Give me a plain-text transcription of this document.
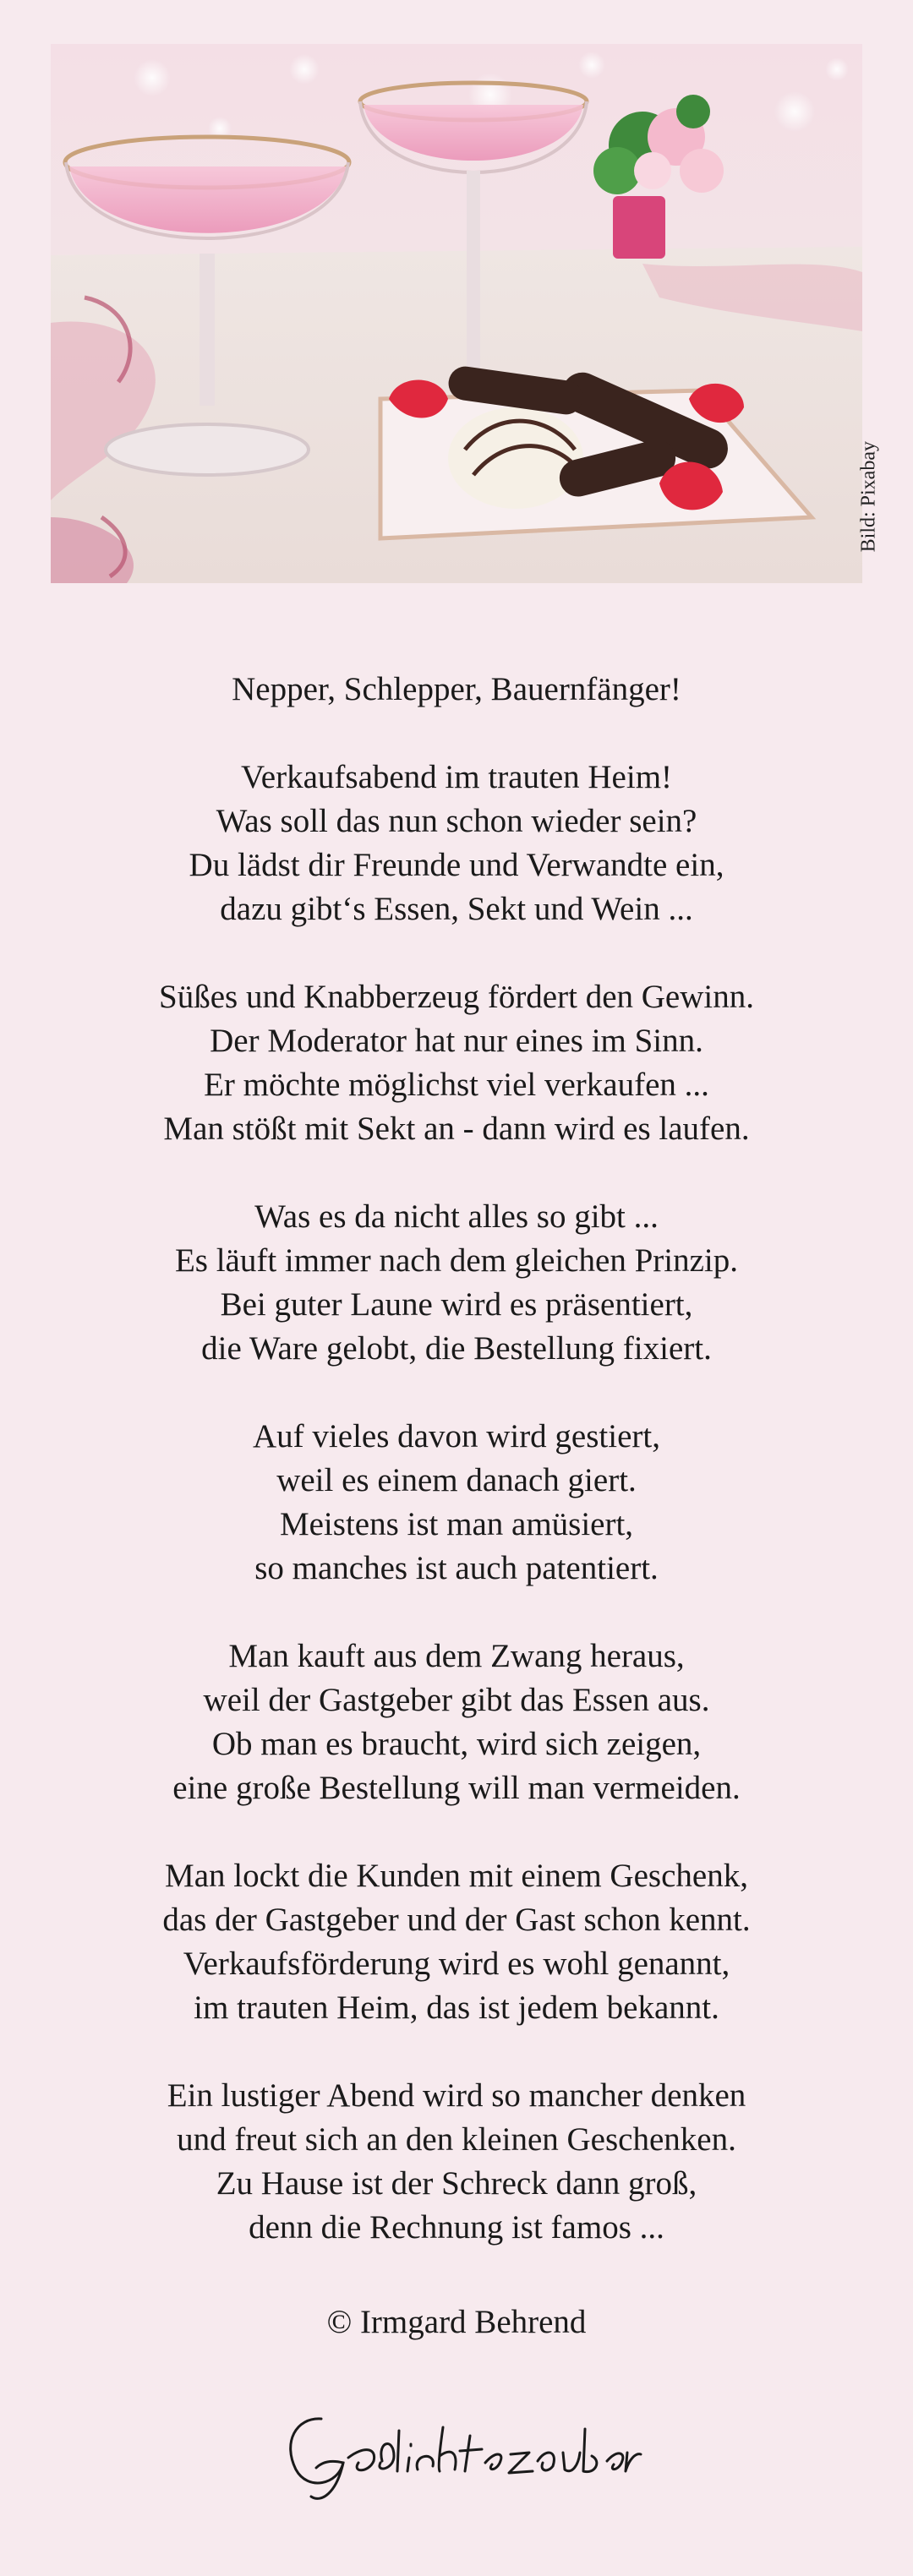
Bild: Pixabay
Nepper, Schlepper, Bauernfänger!
Verkaufsabend im trauten Heim!
Was soll das nun schon wieder sein?
Du lädst dir Freunde und Verwandte ein,
dazu gibt‘s Essen, Sekt und Wein ...
Süßes und Knabberzeug fördert den Gewinn.
Der Moderator hat nur eines im Sinn.
Er möchte möglichst viel verkaufen ...
Man stößt mit Sekt an - dann wird es laufen.
Was es da nicht alles so gibt ...
Es läuft immer nach dem gleichen Prinzip.
Bei guter Laune wird es präsentiert,
die Ware gelobt, die Bestellung fixiert.
Auf vieles davon wird gestiert,
weil es einem danach giert.
Meistens ist man amüsiert,
so manches ist auch patentiert.
Man kauft aus dem Zwang heraus,
weil der Gastgeber gibt das Essen aus.
Ob man es braucht, wird sich zeigen,
eine große Bestellung will man vermeiden.
Man lockt die Kunden mit einem Geschenk,
das der Gastgeber und der Gast schon kennt.
Verkaufsförderung wird es wohl genannt,
im trauten Heim, das ist jedem bekannt.
Ein lustiger Abend wird so mancher denken
und freut sich an den kleinen Geschenken.
Zu Hause ist der Schreck dann groß,
denn die Rechnung ist famos ...
© Irmgard Behrend
Gedichtezauber
